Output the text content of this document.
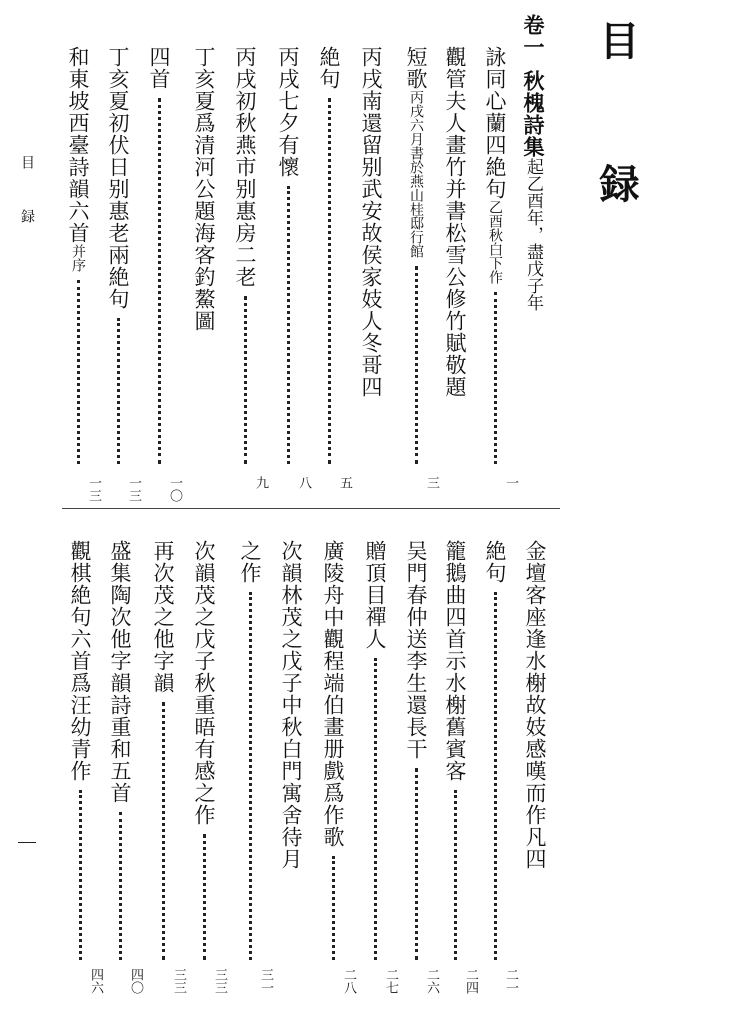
目 録
目 録
卷一秋槐詩集起乙酉年，盡戊子年
詠同心蘭四絶句乙酉秋白下作
一
觀管夫人畫竹并書松雪公修竹賦敬題
短歌丙戌六月書於燕山桂邸行館
三
丙戌南還留别武安故侯家妓人冬哥四
絶句
五
丙戌七夕有懷
八
丙戌初秋燕市别惠房二老
九
丁亥夏爲清河公題海客釣鰲圖
四首
一〇
丁亥夏初伏日别惠老兩絶句
一三
和東坡西臺詩韻六首并序
一三
金壇客座逢水榭故妓感嘆而作凡四
絶句
二一
籠鵝曲四首示水榭舊賓客
二四
吴門春仲送李生還長干
二六
贈頂目禪人
二七
廣陵舟中觀程端伯畫册戲爲作歌
二八
次韻林茂之戊子中秋白門寓舍待月
之作
三一
次韻茂之戊子秋重晤有感之作
三三
再次茂之他字韻
三三
盛集陶次他字韻詩重和五首
四〇
觀棋絶句六首爲汪幼青作
四六
